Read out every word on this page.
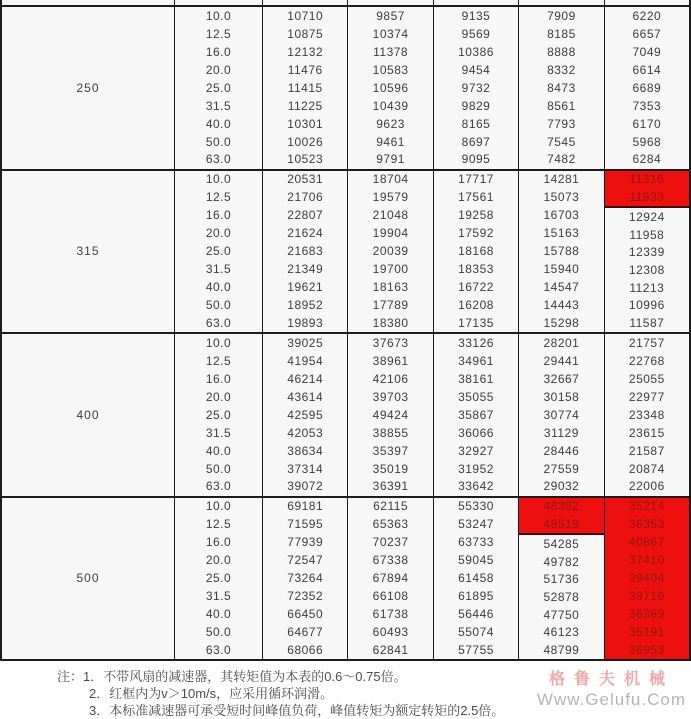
250
10.0
12.5
16.0
20.0
25.0
31.5
40.0
50.0
63.0
10710
10875
12132
11476
11415
11225
10301
10026
10523
9857
10374
11378
10583
10596
10439
9623
9461
9791
9135
9569
10386
9454
9732
9829
8165
8697
9095
7909
8185
8888
8332
8473
8561
7793
7545
7482
6220
6657
7049
6614
6689
7353
6170
5968
6284
315
10.0
12.5
16.0
20.0
25.0
31.5
40.0
50.0
63.0
20531
21706
22807
21624
21683
21349
19621
18952
19893
18704
19579
21048
19904
20039
19700
18163
17789
18380
17717
17561
19258
17592
18168
18353
16722
16208
17135
14281
15073
16703
15163
15788
15940
14547
14443
15298
11316
11933
12924
11958
12339
12308
11213
10996
11587
400
10.0
12.5
16.0
20.0
25.0
31.5
40.0
50.0
63.0
39025
41954
46214
43614
42595
42053
38634
37314
39072
37673
38961
42106
39703
49424
38855
35397
35019
36391
33126
34961
38161
35055
35867
36066
32927
31952
33642
28201
29441
32667
30158
30774
31129
28446
27559
29032
21757
22768
25055
22977
23348
23615
21587
20874
22006
500
10.0
12.5
16.0
20.0
25.0
31.5
40.0
50.0
63.0
69181
71595
77939
72547
73264
72352
66450
64677
68066
62115
65363
70237
67338
67894
66108
61738
60493
62841
55330
53247
63733
59045
61458
61895
56446
55074
57755
48382
48519
54285
49782
51736
52878
47750
46123
48799
35214
36353
40867
37410
39404
39716
36369
35191
36953
注：1．不带风扇的减速器，其转矩值为本表的0.6～0.75倍。
2．红框内为v＞10m/s，应采用循环润滑。
3．本标准减速器可承受短时间峰值负荷，峰值转矩为额定转矩的2.5倍。
格鲁夫机械
Www.Gelufu.Com
